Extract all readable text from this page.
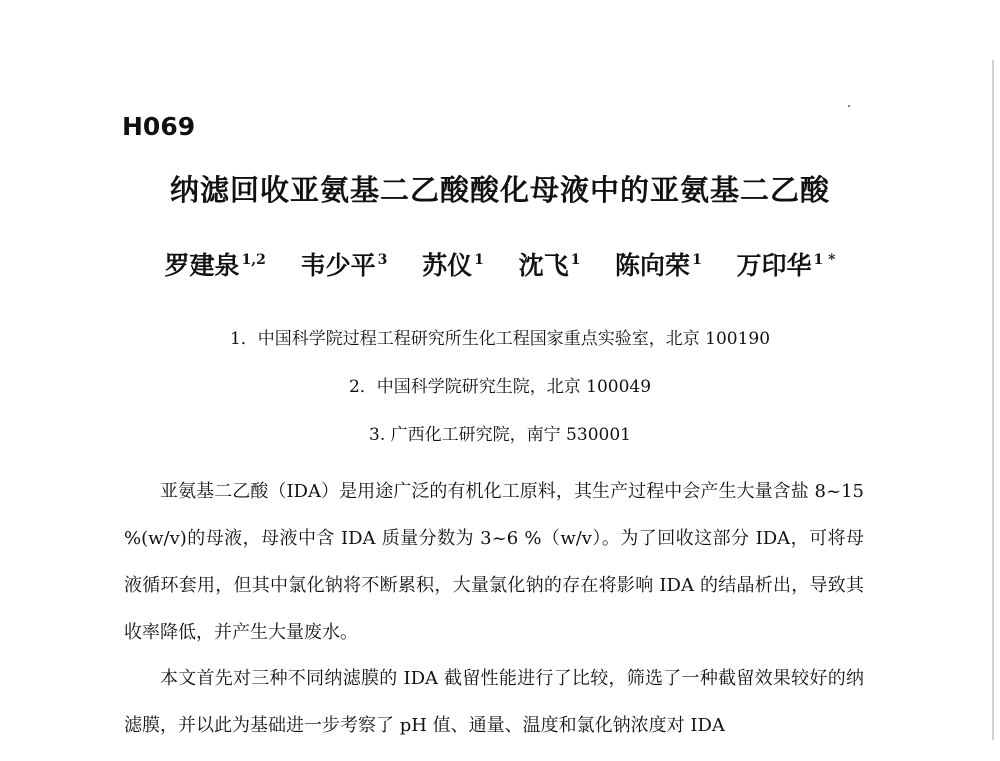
H069
纳滤回收亚氨基二乙酸酸化母液中的亚氨基二乙酸
罗建泉 $^{1,2}$ 韦少平 $^3$ 苏仪 $^1$ 沈飞 $^1$ 陈向荣 $^1$ 万印华 $^{1 *}$
1．中国科学院过程工程研究所生化工程国家重点实验室，北京 100190
2．中国科学院研究生院，北京 100049
3. 广西化工研究院，南宁 530001

亚氨基二乙酸（IDA）是用途广泛的有机化工原料，其生产过程中会产生大量含盐 8~15 %(w/v)的母液，母液中含 IDA 质量分数为 3~6 %（w/v）。为了回收这部分 IDA，可将母液循环套用，但其中氯化钠将不断累积，大量氯化钠的存在将影响 IDA 的结晶析出，导致其收率降低，并产生大量废水。

本文首先对三种不同纳滤膜的 IDA 截留性能进行了比较，筛选了一种截留效果较好的纳滤膜，并以此为基础进一步考察了 pH 值、通量、温度和氯化钠浓度对 IDA
